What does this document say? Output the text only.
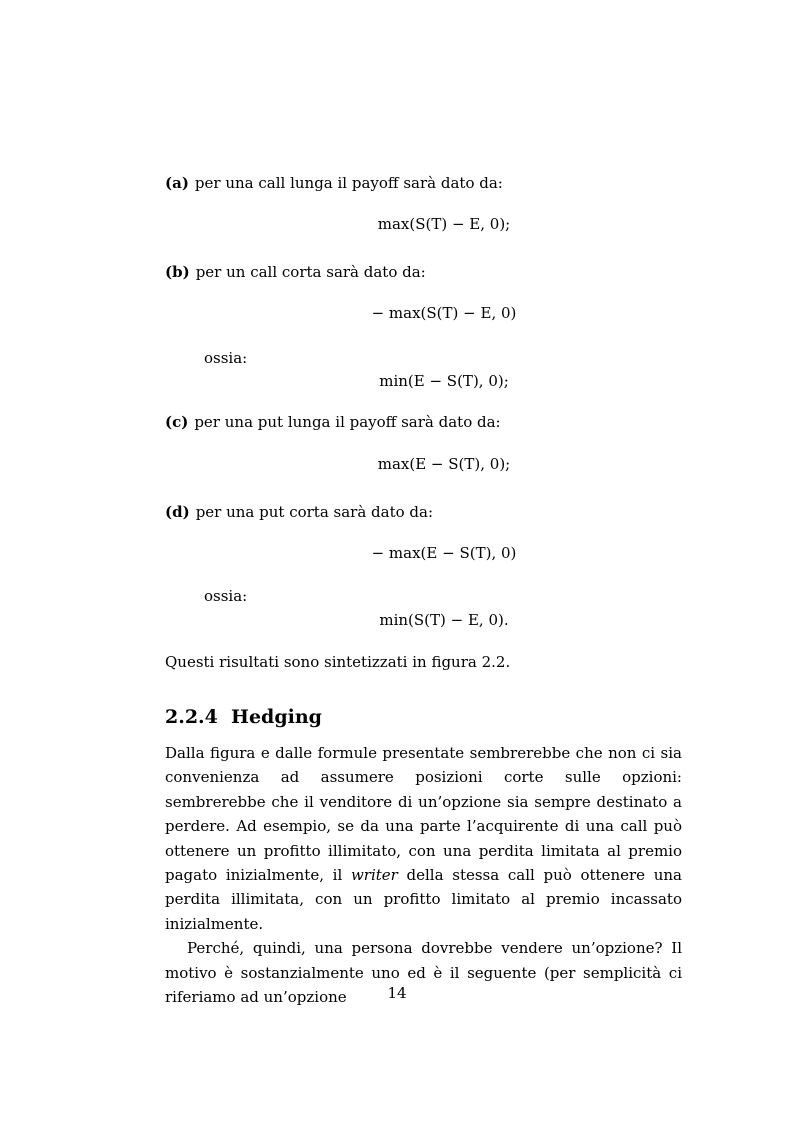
(a) per una call lunga il payoff sarà dato da:
max(S(T) − E, 0);
(b) per un call corta sarà dato da:
− max(S(T) − E, 0)
ossia:
min(E − S(T), 0);
(c) per una put lunga il payoff sarà dato da:
max(E − S(T), 0);
(d) per una put corta sarà dato da:
− max(E − S(T), 0)
ossia:
min(S(T) − E, 0).
Questi risultati sono sintetizzati in figura 2.2.
2.2.4 Hedging

Dalla figura e dalle formule presentate sembrerebbe che non ci sia convenienza ad assumere posizioni corte sulle opzioni: sembrerebbe che il venditore di un’opzione sia sempre destinato a perdere. Ad esempio, se da una parte l’acquirente di una call può ottenere un profitto illimitato, con una perdita limitata al premio pagato inizialmente, il writer della stessa call può ottenere una perdita illimitata, con un profitto limitato al premio incassato inizialmente.

Perché, quindi, una persona dovrebbe vendere un’opzione? Il motivo è sostanzialmente uno ed è il seguente (per semplicità ci riferiamo ad un’opzione	14
